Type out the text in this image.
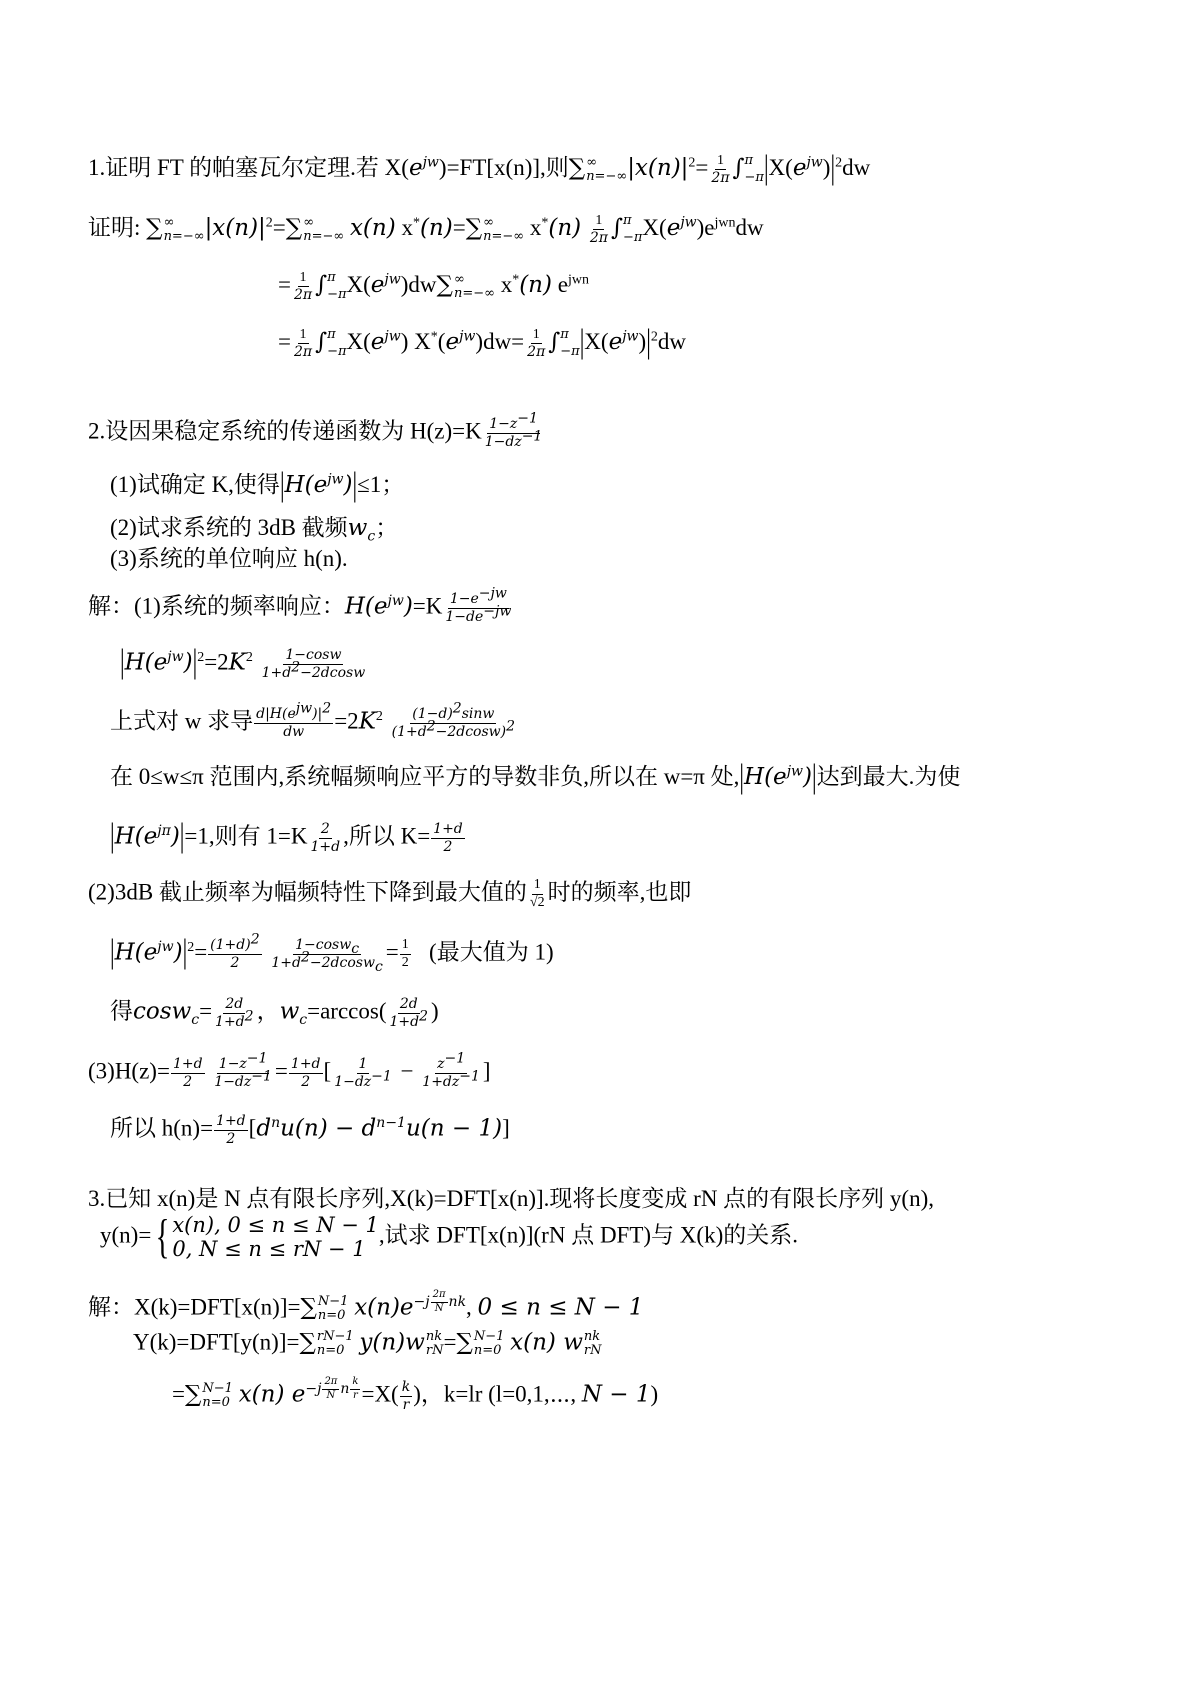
1.证明 FT 的帕塞瓦尔定理.若 $X(e^{jw})=FT[x(n)]$,则∑ ∞
n=−∞ $|x(n)|^2= \frac{1}{2\pi}$ ∫ π
−π $|X(e^{jw})|^2dw$
证明: ∑ ∞
n=−∞ $|x(n)|^2=\sum$ ∞
n=−∞ x(n) x*(n)=∑ ∞
n=−∞ $x^*(n) \frac{1}{2\pi}$ ∫ π
−π $X(e^{jw})e^{jwn}dw$
= $\frac{1}{2\pi}$ ∫ π
−π $X(e^{jw})dw\sum$ ∞
n=−∞ x*(n) $e^{jwn}$
= $\frac{1}{2\pi}$ ∫ π
−π $X(e^{jw})$ $X^*(e^{jw})dw= \frac{1}{2\pi}$ ∫ π
−π $|X(e^{jw})|^2dw$
2.设因果稳定系统的传递函数为 $H(z)=K \frac{1-z^{-1}}{1-dz^{-1}}$
(1)试确定 K,使得$|H(e^{jw})|\le 1$；
(2)试求系统的 3dB 截频$w_c$；
(3)系统的单位响应 h(n).
解：(1)系统的频率响应：$H(e^{jw})=K \frac{1-e^{-jw}}{1-de^{-jw}}$
$|H(e^{jw})|^2=2K^2 \frac{1-\cos w}{1+d^2-2dcosw}$
上式对 w 求导 $\frac{d|H(e^{jw})|^2}{dw} =2K^2 \frac{(1-d)^2\sin w}{(1+d^2-2dcosw)^2}$
在 0≤w≤π 范围内,系统幅频响应平方的导数非负,所以在 w=π 处$,|H(e^{jw})|$达到最大.为使
$|H(e^{j\pi})|=1$,则有 $1=K \frac{2}{1+d}$ ,所以 $K= \frac{1+d}{2}$
(2)3dB 截止频率为幅频特性下降到最大值的 $\frac{1}{√2}$ 时的频率,也即
$|H(e^{jw})|^2= \frac{(1+d)^2}{2}$
$\frac{1-\cos w_c}{1+d^2-2dcosw_c} = \frac{1}{2}$ (最大值为 1)
得$\cos w_c= \frac{2d}{1+d^2}$ ，$w_c=\arccos( \frac{2d}{1+d^2}$ )
$(3)H(z)= \frac{1+d}{2}$
$\frac{1-z^{-1}}{1-dz^{-1}} = \frac{1+d}{2}$ [ $\frac{1}{1-dz^{-1}} - \frac{z^{-1}}{1+dz^{-1}}$ ]
所以 $h(n)= \frac{1+d}{2} [d^nu(n) - d^{n-1}u(n - 1)]$
3.已知 x(n)是 N 点有限长序列,X(k)=DFT[x(n)].现将长度变成 rN 点的有限长序列 y(n),
y(n)= { x(n), 0 ≤ n ≤ N − 1
0, N ≤ n ≤ rN − 1
,试求 DFT[x(n)](rN 点 DFT)与 X(k)的关系.
解：X(k)=DFT[x(n)]=∑ N−1
n=0 $x(n)e^{-j \frac{2\pi}{N} nk}$, 0 ≤ n ≤ N − 1
Y(k)=DFT[y(n)]=∑ rN−1
n=0 y(n)w nk
rN =∑ N−1
n=0 x(n) w nk
rN
=∑ N−1
n=0 x(n) $e^{-j \frac{2\pi}{N} n \frac{k}{r}} =X( \frac{k}{r}$ )，k=lr (l=0,1,⋯, N − 1)
